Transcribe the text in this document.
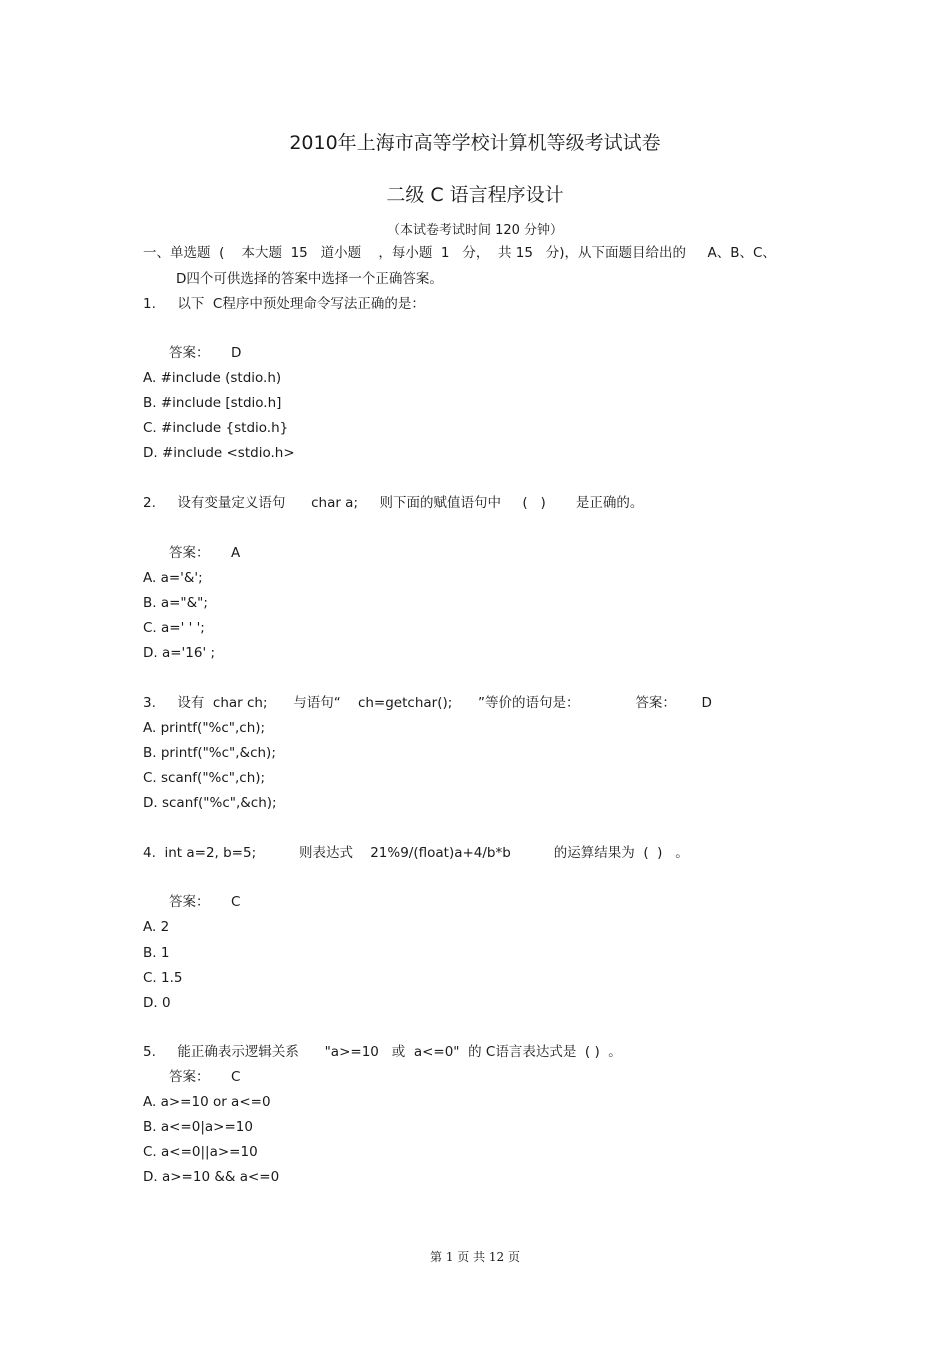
2010年上海市高等学校计算机等级考试试卷
二级 C 语言程序设计
（本试卷考试时间 120 分钟）
一、单选题  (    本大题  15   道小题    ，每小题  1   分，  共 15   分)，从下面题目给出的     A、B、C、
D四个可供选择的答案中选择一个正确答案。
1.     以下  C程序中预处理命令写法正确的是：
答案：     D
A. #include (stdio.h)
B. #include [stdio.h]
C. #include {stdio.h}
D. #include <stdio.h>
2.     设有变量定义语句      char a;     则下面的赋值语句中     (   )       是正确的。
答案：     A
A. a='&';
B. a="&";
C. a=' ' ';
D. a='16' ;
3.     设有  char ch;      与语句“    ch=getchar();      ”等价的语句是：             答案：      D
A. printf("%c",ch);
B. printf("%c",&ch);
C. scanf("%c",ch);
D. scanf("%c",&ch);
4.  int a=2, b=5;          则表达式    21%9/(float)a+4/b*b          的运算结果为  (  )   。
答案：     C
A. 2
B. 1
C. 1.5
D. 0
5.     能正确表示逻辑关系      "a>=10   或  a<=0"  的 C语言表达式是  ( )  。
答案：     C
A. a>=10 or a<=0
B. a<=0|a>=10
C. a<=0||a>=10
D. a>=10 && a<=0
第 1 页 共 12 页
